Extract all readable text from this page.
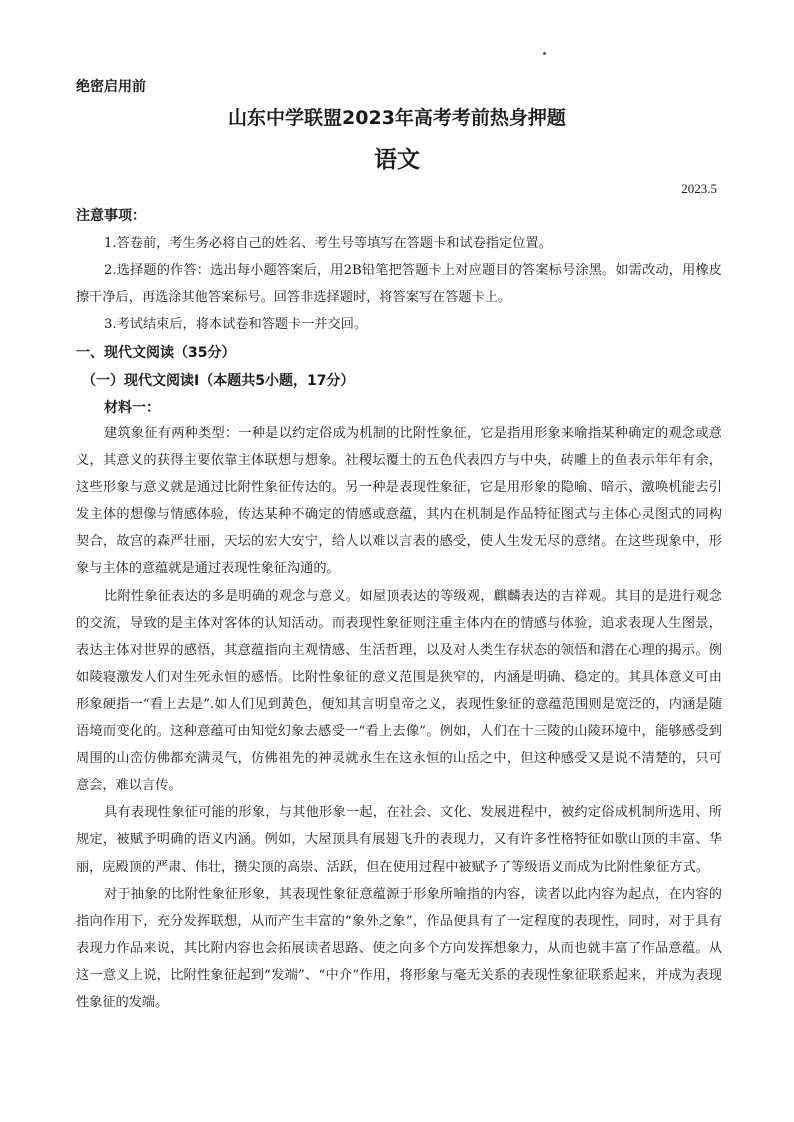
绝密启用前
山东中学联盟2023年高考考前热身押题
语文
2023.5
注意事项：

1.答卷前，考生务必将自己的姓名、考生号等填写在答题卡和试卷指定位置。

2.选择题的作答：选出每小题答案后，用2B铅笔把答题卡上对应题目的答案标号涂黑。如需改动，用橡皮擦干净后，再选涂其他答案标号。回答非选择题时，将答案写在答题卡上。

3.考试结束后，将本试卷和答题卡一并交回。

一、现代文阅读（35分）
（一）现代文阅读Ⅰ（本题共5小题，17分）
材料一：

建筑象征有两种类型：一种是以约定俗成为机制的比附性象征，它是指用形象来喻指某种确定的观念或意义，其意义的获得主要依靠主体联想与想象。社稷坛覆土的五色代表四方与中央，砖雕上的鱼表示年年有余，这些形象与意义就是通过比附性象征传达的。另一种是表现性象征，它是用形象的隐喻、暗示、激唤机能去引发主体的想像与情感体验，传达某种不确定的情感或意蕴，其内在机制是作品特征图式与主体心灵图式的同构契合，故宫的森严壮丽，天坛的宏大安宁，给人以难以言表的感受，使人生发无尽的意绪。在这些现象中，形象与主体的意蕴就是通过表现性象征沟通的。

比附性象征表达的多是明确的观念与意义。如屋顶表达的等级观，麒麟表达的吉祥观。其目的是进行观念的交流，导致的是主体对客体的认知活动。而表现性象征则注重主体内在的情感与体验，追求表现人生图景，表达主体对世界的感悟，其意蕴指向主观情感、生活哲理，以及对人类生存状态的领悟和潜在心理的揭示。例如陵寝激发人们对生死永恒的感悟。比附性象征的意义范围是狭窄的，内涵是明确、稳定的。其具体意义可由形象硬指一“看上去是”.如人们见到黄色，便知其言明皇帝之义，表现性象征的意蕴范围则是宽泛的，内涵是随语境而变化的。这种意蕴可由知觉幻象去感受一“看上去像”。例如，人们在十三陵的山陵环境中，能够感受到周围的山峦仿佛都充满灵气，仿佛祖先的神灵就永生在这永恒的山岳之中，但这种感受又是说不清楚的，只可意会，难以言传。

具有表现性象征可能的形象，与其他形象一起，在社会、文化、发展进程中，被约定俗成机制所选用、所规定，被赋予明确的语义内涵。例如，大屋顶具有展翅飞升的表现力，又有许多性格特征如歇山顶的丰富、华丽，庑殿顶的严肃、伟壮，攒尖顶的高崇、活跃，但在使用过程中被赋予了等级语义而成为比附性象征方式。

对于抽象的比附性象征形象，其表现性象征意蕴源于形象所喻指的内容，读者以此内容为起点，在内容的指向作用下，充分发挥联想，从而产生丰富的“象外之象”，作品便具有了一定程度的表现性，同时，对于具有表现力作品来说，其比附内容也会拓展读者思路、使之向多个方向发挥想象力，从而也就丰富了作品意蕴。从这一意义上说，比附性象征起到“发端”、“中介”作用，将形象与毫无关系的表现性象征联系起来，并成为表现性象征的发端。
